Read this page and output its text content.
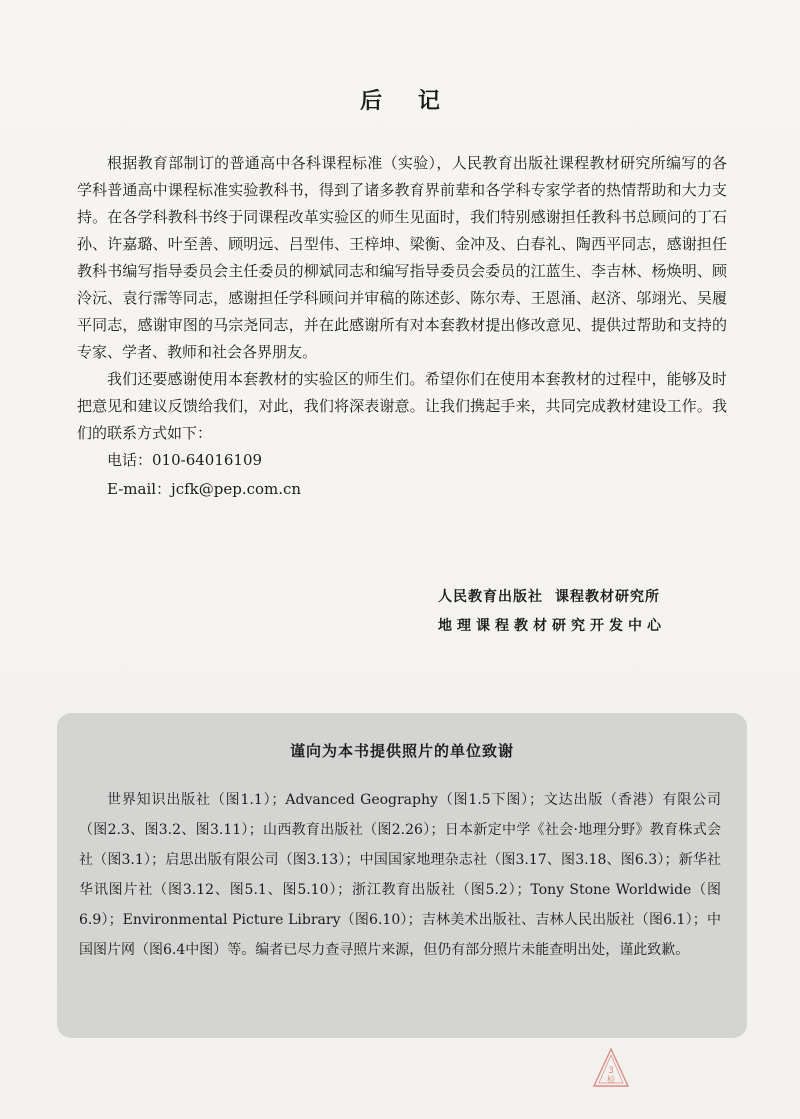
后 记

根据教育部制订的普通高中各科课程标准（实验），人民教育出版社课程教材研究所编写的各学科普通高中课程标准实验教科书，得到了诸多教育界前辈和各学科专家学者的热情帮助和大力支持。在各学科教科书终于同课程改革实验区的师生见面时，我们特别感谢担任教科书总顾问的丁石孙、许嘉璐、叶至善、顾明远、吕型伟、王梓坤、梁衡、金冲及、白春礼、陶西平同志，感谢担任教科书编写指导委员会主任委员的柳斌同志和编写指导委员会委员的江蓝生、李吉林、杨焕明、顾泠沅、袁行霈等同志，感谢担任学科顾问并审稿的陈述彭、陈尔寿、王恩涌、赵济、邬翊光、吴履平同志，感谢审图的马宗尧同志，并在此感谢所有对本套教材提出修改意见、提供过帮助和支持的专家、学者、教师和社会各界朋友。

我们还要感谢使用本套教材的实验区的师生们。希望你们在使用本套教材的过程中，能够及时把意见和建议反馈给我们，对此，我们将深表谢意。让我们携起手来，共同完成教材建设工作。我们的联系方式如下：

电话：010-64016109

E-mail：jcfk@pep.com.cn

人民教育出版社 课程教材研究所
地理课程教材研究开发中心
谨向为本书提供照片的单位致谢

世界知识出版社（图1.1）；Advanced Geography（图1.5下图）；文达出版（香港）有限公司（图2.3、图3.2、图3.11）；山西教育出版社（图2.26）；日本新定中学《社会·地理分野》教育株式会社（图3.1）；启思出版有限公司（图3.13）；中国国家地理杂志社（图3.17、图3.18、图6.3）；新华社华讯图片社（图3.12、图5.1、图5.10）；浙江教育出版社（图5.2）；Tony Stone Worldwide（图6.9）；Environmental Picture Library（图6.10）；吉林美术出版社、吉林人民出版社（图6.1）；中国图片网（图6.4中图）等。编者已尽力查寻照片来源，但仍有部分照片未能查明出处，谨此致歉。

3
检
